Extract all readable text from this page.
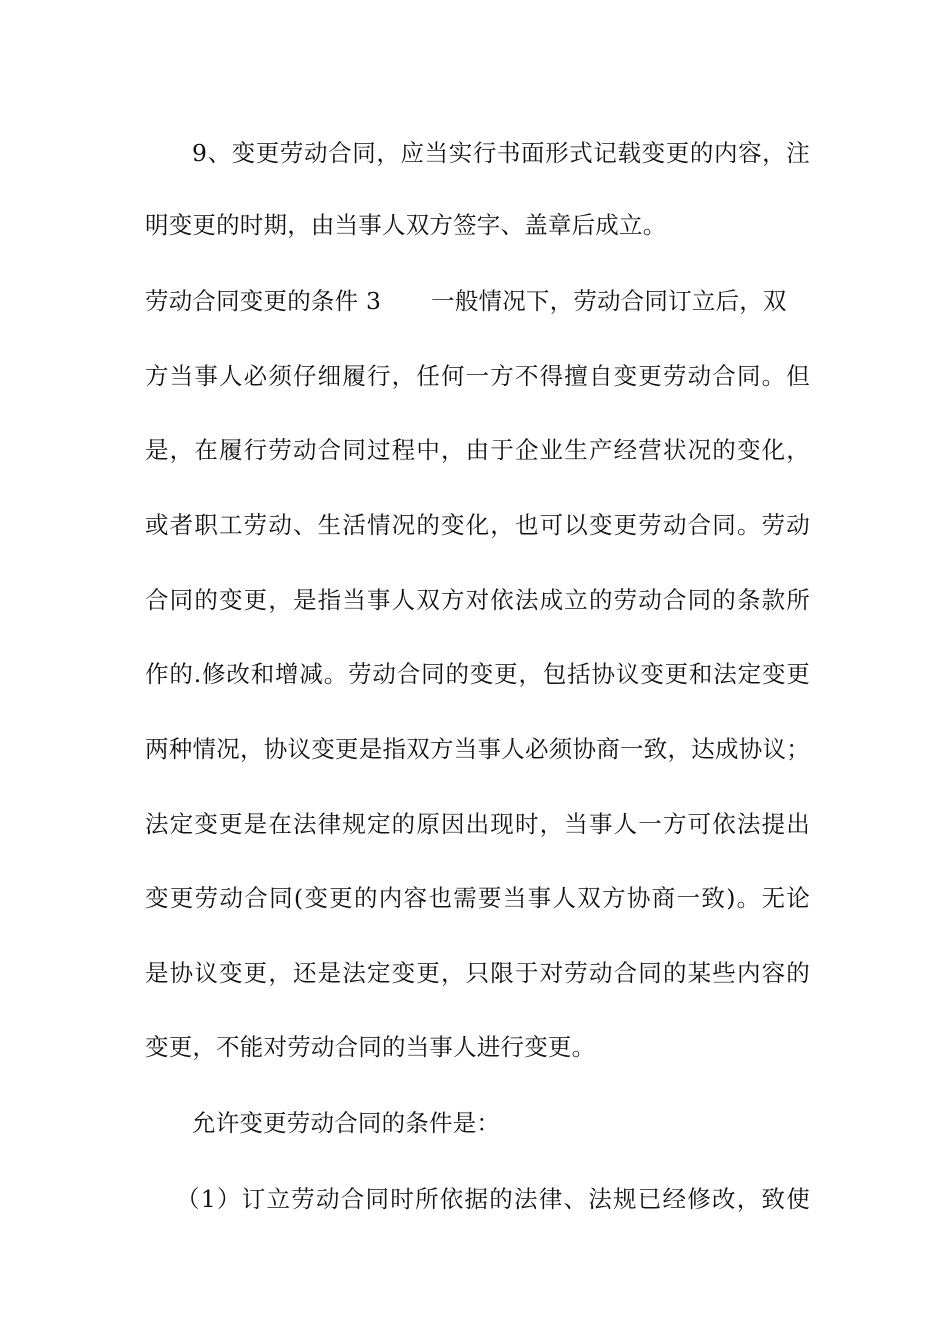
9、变更劳动合同，应当实行书面形式记载变更的内容，注
明变更的时期，由当事人双方签字、盖章后成立。
劳动合同变更的条件 3 一般情况下，劳动合同订立后，双
方当事人必须仔细履行，任何一方不得擅自变更劳动合同。但
是，在履行劳动合同过程中，由于企业生产经营状况的变化，
或者职工劳动、生活情况的变化，也可以变更劳动合同。劳动
合同的变更，是指当事人双方对依法成立的劳动合同的条款所
作的.修改和增减。劳动合同的变更，包括协议变更和法定变更
两种情况，协议变更是指双方当事人必须协商一致，达成协议；
法定变更是在法律规定的原因出现时，当事人一方可依法提出
变更劳动合同(变更的内容也需要当事人双方协商一致)。无论
是协议变更，还是法定变更，只限于对劳动合同的某些内容的
变更，不能对劳动合同的当事人进行变更。
允许变更劳动合同的条件是：
（1）订立劳动合同时所依据的法律、法规已经修改，致使
